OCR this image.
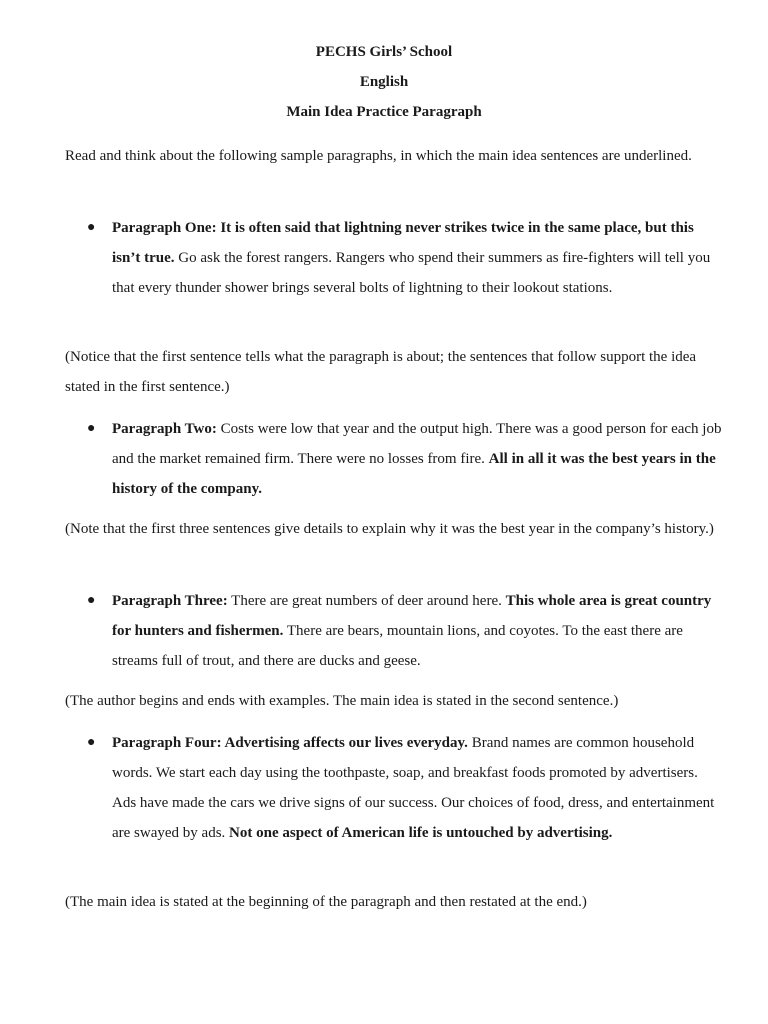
PECHS Girls’ School
English
Main Idea Practice Paragraph

Read and think about the following sample paragraphs, in which the main idea sentences are underlined.

●	Paragraph One: It is often said that lightning never strikes twice in the same place, but this isn’t true. Go ask the forest rangers. Rangers who spend their summers as fire-fighters will tell you that every thunder shower brings several bolts of lightning to their lookout stations.

(Notice that the first sentence tells what the paragraph is about; the sentences that follow support the idea stated in the first sentence.)

●	Paragraph Two: Costs were low that year and the output high. There was a good person for each job and the market remained firm. There were no losses from fire. All in all it was the best years in the history of the company.

(Note that the first three sentences give details to explain why it was the best year in the company’s history.)

●	Paragraph Three: There are great numbers of deer around here. This whole area is great country for hunters and fishermen. There are bears, mountain lions, and coyotes. To the east there are streams full of trout, and there are ducks and geese.

(The author begins and ends with examples. The main idea is stated in the second sentence.)

●	Paragraph Four: Advertising affects our lives everyday. Brand names are common household words. We start each day using the toothpaste, soap, and breakfast foods promoted by advertisers. Ads have made the cars we drive signs of our success. Our choices of food, dress, and entertainment are swayed by ads. Not one aspect of American life is untouched by advertising.

(The main idea is stated at the beginning of the paragraph and then restated at the end.)
